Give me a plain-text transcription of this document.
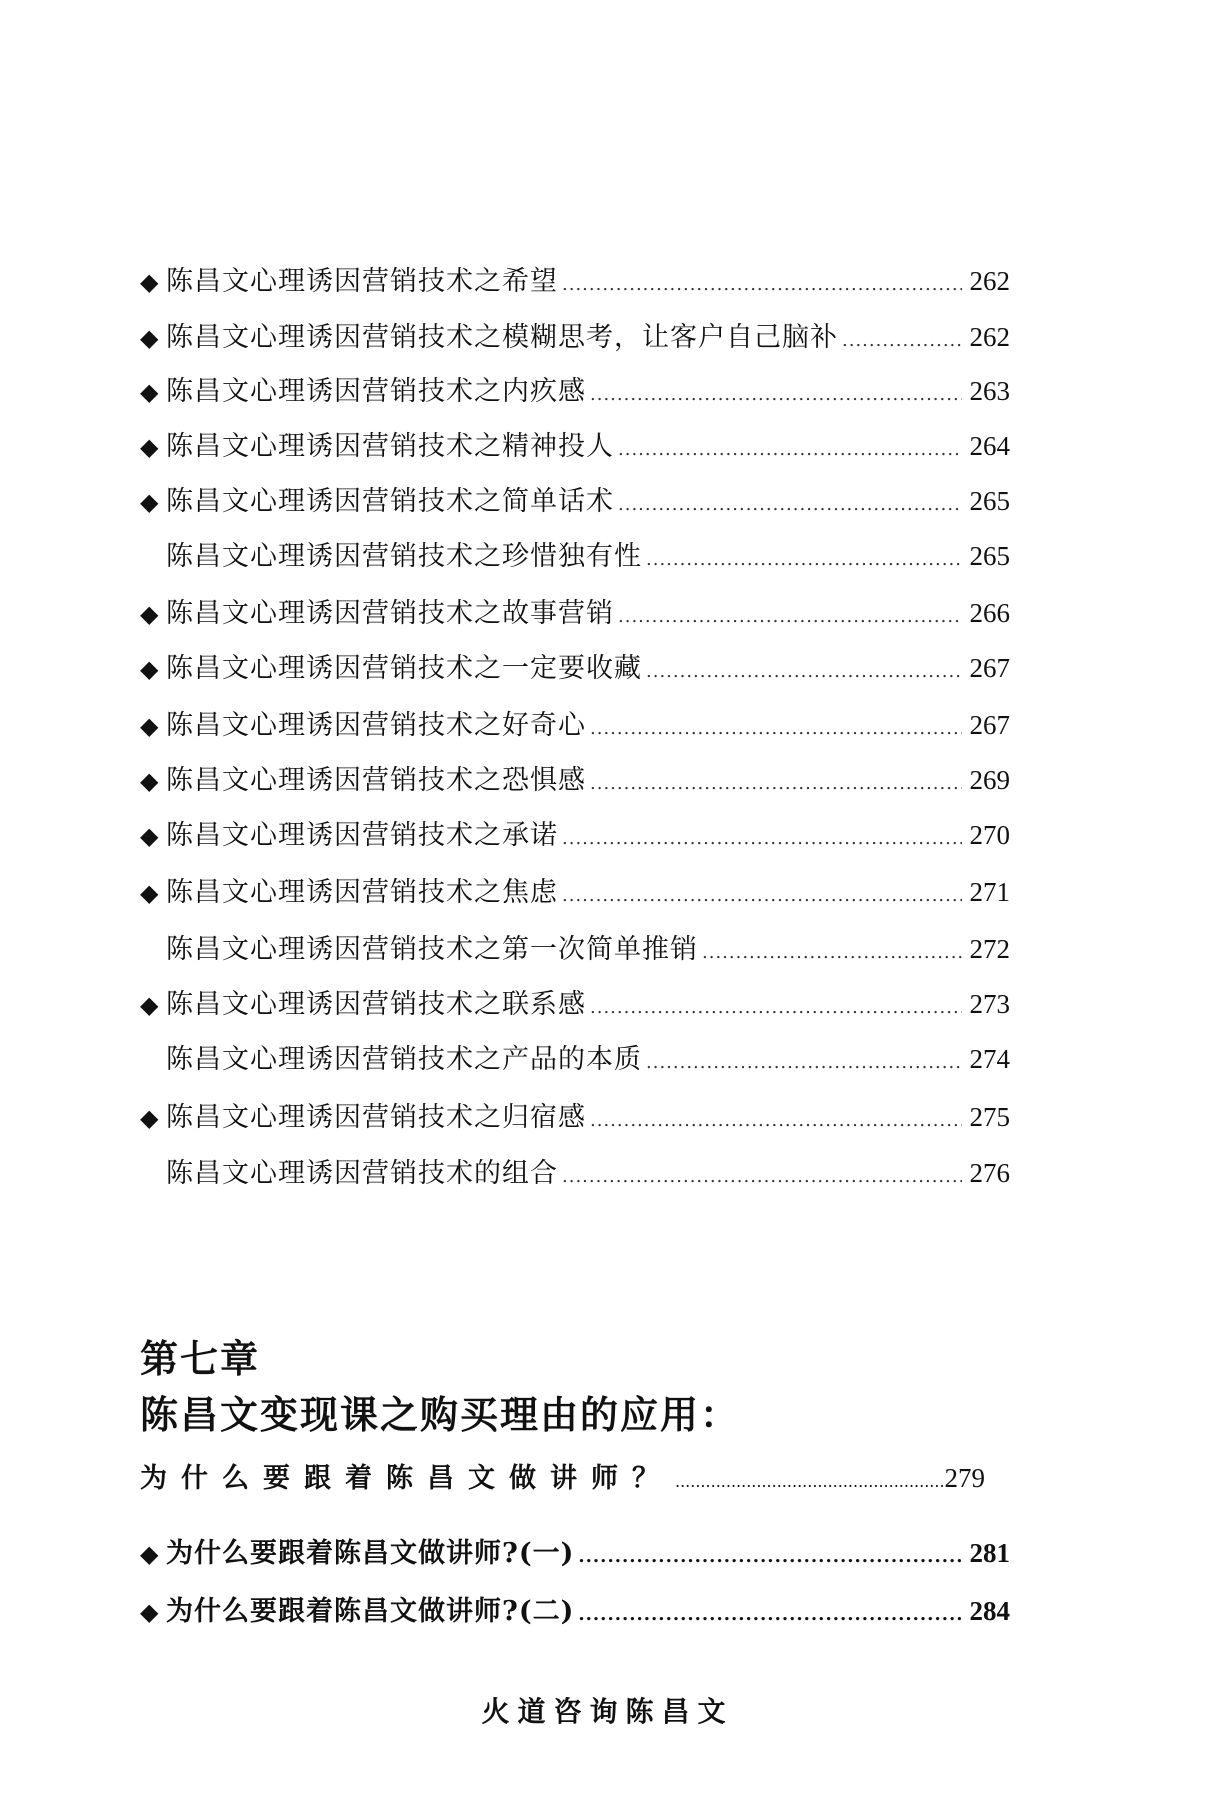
◆ 陈昌文心理诱因营销技术之希望 .....	262
◆ 陈昌文心理诱因营销技术之模糊思考，让客户自己脑补 .....	262
◆ 陈昌文心理诱因营销技术之内疚感 .....	263
◆ 陈昌文心理诱因营销技术之精神投人 .....	264
◆ 陈昌文心理诱因营销技术之简单话术 .....	265
陈昌文心理诱因营销技术之珍惜独有性 .....	265
◆ 陈昌文心理诱因营销技术之故事营销 .....	266
◆ 陈昌文心理诱因营销技术之一定要收藏 .....	267
◆ 陈昌文心理诱因营销技术之好奇心 .....	267
◆ 陈昌文心理诱因营销技术之恐惧感 .....	269
◆ 陈昌文心理诱因营销技术之承诺 .....	270
◆ 陈昌文心理诱因营销技术之焦虑 .....	271
陈昌文心理诱因营销技术之第一次简单推销 .....	272
◆ 陈昌文心理诱因营销技术之联系感 .....	273
陈昌文心理诱因营销技术之产品的本质 .....	274
◆ 陈昌文心理诱因营销技术之归宿感 .....	275
陈昌文心理诱因营销技术的组合 .....	276
第七章
陈昌文变现课之购买理由的应用：
为什么要跟着陈昌文做讲师？ .....	279
◆ 为什么要跟着陈昌文做讲师?(一) .....	281
◆ 为什么要跟着陈昌文做讲师?(二) .....	284
火道咨询陈昌文
